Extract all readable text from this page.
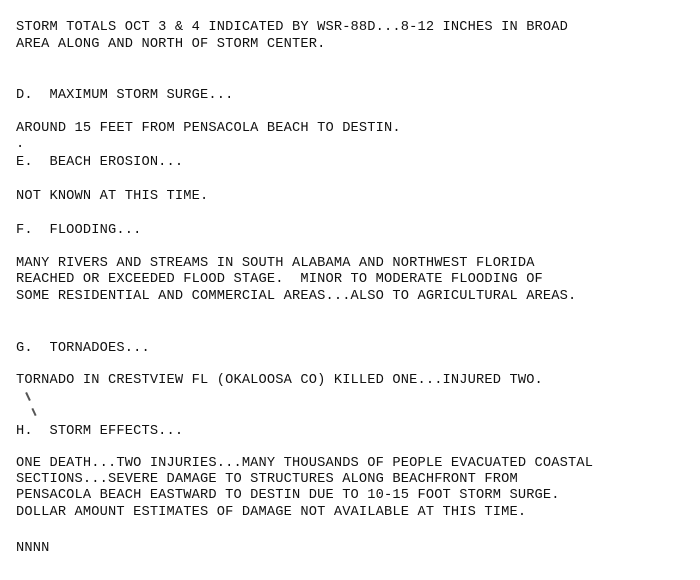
STORM TOTALS OCT 3 & 4 INDICATED BY WSR-88D...8-12 INCHES IN BROAD
AREA ALONG AND NORTH OF STORM CENTER.
D.  MAXIMUM STORM SURGE...
AROUND 15 FEET FROM PENSACOLA BEACH TO DESTIN.
.
E.  BEACH EROSION...
NOT KNOWN AT THIS TIME.
F.  FLOODING...
MANY RIVERS AND STREAMS IN SOUTH ALABAMA AND NORTHWEST FLORIDA
REACHED OR EXCEEDED FLOOD STAGE.  MINOR TO MODERATE FLOODING OF
SOME RESIDENTIAL AND COMMERCIAL AREAS...ALSO TO AGRICULTURAL AREAS.
G.  TORNADOES...
TORNADO IN CRESTVIEW FL (OKALOOSA CO) KILLED ONE...INJURED TWO.
H.  STORM EFFECTS...
ONE DEATH...TWO INJURIES...MANY THOUSANDS OF PEOPLE EVACUATED COASTAL
SECTIONS...SEVERE DAMAGE TO STRUCTURES ALONG BEACHFRONT FROM
PENSACOLA BEACH EASTWARD TO DESTIN DUE TO 10-15 FOOT STORM SURGE.
DOLLAR AMOUNT ESTIMATES OF DAMAGE NOT AVAILABLE AT THIS TIME.
NNNN
